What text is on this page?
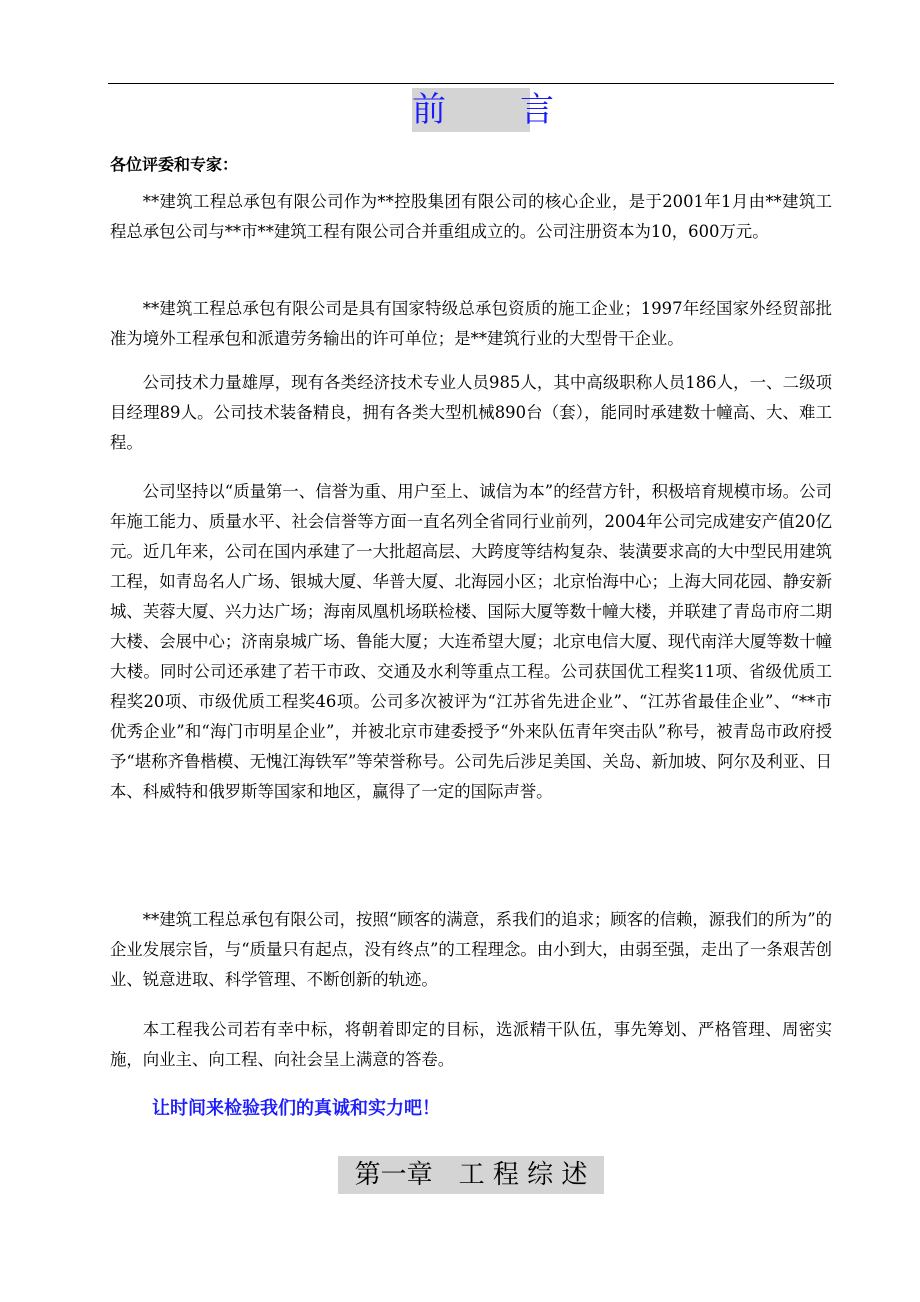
前　　言
各位评委和专家：
**建筑工程总承包有限公司作为**控股集团有限公司的核心企业，是于2001年1月由**建筑工程总承包公司与**市**建筑工程有限公司合并重组成立的。公司注册资本为10，600万元。
**建筑工程总承包有限公司是具有国家特级总承包资质的施工企业；1997年经国家外经贸部批准为境外工程承包和派遣劳务输出的许可单位；是**建筑行业的大型骨干企业。
公司技术力量雄厚，现有各类经济技术专业人员985人，其中高级职称人员186人，一、二级项目经理89人。公司技术装备精良，拥有各类大型机械890台（套），能同时承建数十幢高、大、难工程。
公司坚持以“质量第一、信誉为重、用户至上、诚信为本”的经营方针，积极培育规模市场。公司年施工能力、质量水平、社会信誉等方面一直名列全省同行业前列，2004年公司完成建安产值20亿元。近几年来，公司在国内承建了一大批超高层、大跨度等结构复杂、装潢要求高的大中型民用建筑工程，如青岛名人广场、银城大厦、华普大厦、北海园小区；北京怡海中心；上海大同花园、静安新城、芙蓉大厦、兴力达广场；海南凤凰机场联检楼、国际大厦等数十幢大楼，并联建了青岛市府二期大楼、会展中心；济南泉城广场、鲁能大厦；大连希望大厦；北京电信大厦、现代南洋大厦等数十幢大楼。同时公司还承建了若干市政、交通及水利等重点工程。公司获国优工程奖11项、省级优质工程奖20项、市级优质工程奖46项。公司多次被评为“江苏省先进企业”、“江苏省最佳企业”、“**市优秀企业”和“海门市明星企业”，并被北京市建委授予“外来队伍青年突击队”称号，被青岛市政府授予“堪称齐鲁楷模、无愧江海铁军”等荣誉称号。公司先后涉足美国、关岛、新加坡、阿尔及利亚、日本、科威特和俄罗斯等国家和地区，赢得了一定的国际声誉。
**建筑工程总承包有限公司，按照“顾客的满意，系我们的追求；顾客的信赖，源我们的所为”的企业发展宗旨，与“质量只有起点，没有终点”的工程理念。由小到大，由弱至强，走出了一条艰苦创业、锐意进取、科学管理、不断创新的轨迹。
本工程我公司若有幸中标，将朝着即定的目标，选派精干队伍，事先筹划、严格管理、周密实施，向业主、向工程、向社会呈上满意的答卷。
让时间来检验我们的真诚和实力吧！
第一章　工 程 综 述
